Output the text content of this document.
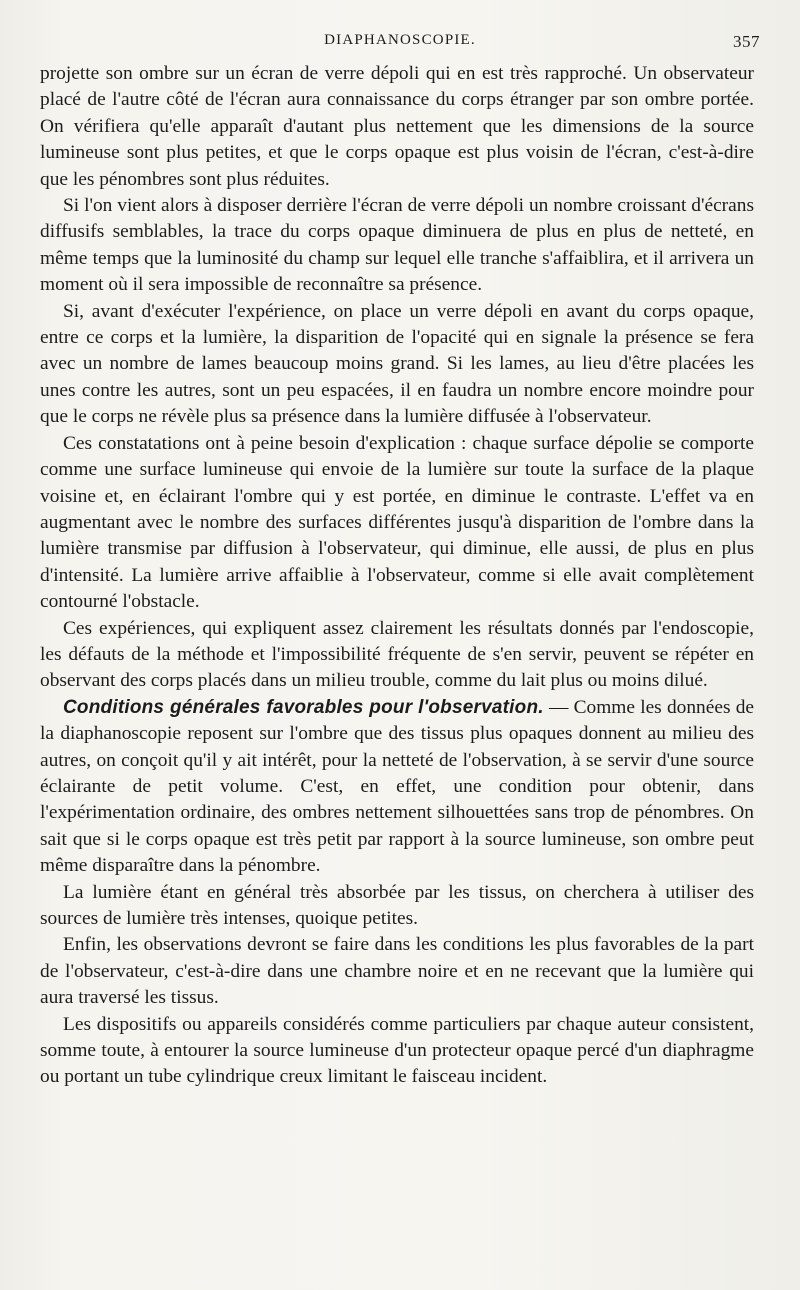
DIAPHANOSCOPIE.	357

projette son ombre sur un écran de verre dépoli qui en est très rapproché. Un observateur placé de l'autre côté de l'écran aura connaissance du corps étranger par son ombre portée. On vérifiera qu'elle apparaît d'autant plus nettement que les dimensions de la source lumineuse sont plus petites, et que le corps opaque est plus voisin de l'écran, c'est-à-dire que les pénombres sont plus réduites.

Si l'on vient alors à disposer derrière l'écran de verre dépoli un nombre croissant d'écrans diffusifs semblables, la trace du corps opaque diminuera de plus en plus de netteté, en même temps que la luminosité du champ sur lequel elle tranche s'affaiblira, et il arrivera un moment où il sera impossible de reconnaître sa présence.

Si, avant d'exécuter l'expérience, on place un verre dépoli en avant du corps opaque, entre ce corps et la lumière, la disparition de l'opacité qui en signale la présence se fera avec un nombre de lames beaucoup moins grand. Si les lames, au lieu d'être placées les unes contre les autres, sont un peu espacées, il en faudra un nombre encore moindre pour que le corps ne révèle plus sa présence dans la lumière diffusée à l'observateur.

Ces constatations ont à peine besoin d'explication : chaque surface dépolie se comporte comme une surface lumineuse qui envoie de la lumière sur toute la surface de la plaque voisine et, en éclairant l'ombre qui y est portée, en diminue le contraste. L'effet va en augmentant avec le nombre des surfaces différentes jusqu'à disparition de l'ombre dans la lumière transmise par diffusion à l'observateur, qui diminue, elle aussi, de plus en plus d'intensité. La lumière arrive affaiblie à l'observateur, comme si elle avait complètement contourné l'obstacle.

Ces expériences, qui expliquent assez clairement les résultats donnés par l'endoscopie, les défauts de la méthode et l'impossibilité fréquente de s'en servir, peuvent se répéter en observant des corps placés dans un milieu trouble, comme du lait plus ou moins dilué.

Conditions générales favorables pour l'observation. — Comme les données de la diaphanoscopie reposent sur l'ombre que des tissus plus opaques donnent au milieu des autres, on conçoit qu'il y ait intérêt, pour la netteté de l'observation, à se servir d'une source éclairante de petit volume. C'est, en effet, une condition pour obtenir, dans l'expérimentation ordinaire, des ombres nettement silhouettées sans trop de pénombres. On sait que si le corps opaque est très petit par rapport à la source lumineuse, son ombre peut même disparaître dans la pénombre.

La lumière étant en général très absorbée par les tissus, on cherchera à utiliser des sources de lumière très intenses, quoique petites.

Enfin, les observations devront se faire dans les conditions les plus favorables de la part de l'observateur, c'est-à-dire dans une chambre noire et en ne recevant que la lumière qui aura traversé les tissus.

Les dispositifs ou appareils considérés comme particuliers par chaque auteur consistent, somme toute, à entourer la source lumineuse d'un protecteur opaque percé d'un diaphragme ou portant un tube cylindrique creux limitant le faisceau incident.
